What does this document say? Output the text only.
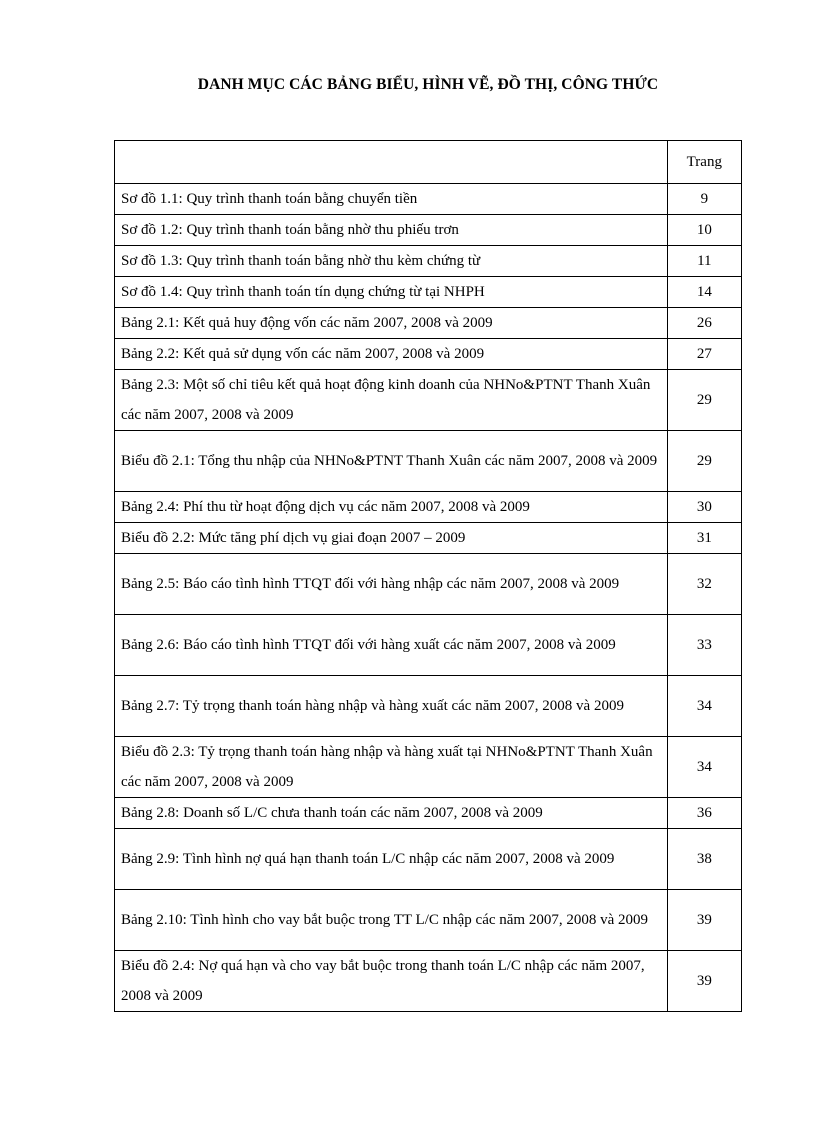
DANH MỤC CÁC BẢNG BIỂU, HÌNH VẼ, ĐỒ THỊ, CÔNG THỨC
	Trang
Sơ đồ 1.1: Quy trình thanh toán bằng chuyển tiền	9
Sơ đồ 1.2: Quy trình thanh toán bằng nhờ thu phiếu trơn	10
Sơ đồ 1.3: Quy trình thanh toán bằng nhờ thu kèm chứng từ	11
Sơ đồ 1.4: Quy trình thanh toán tín dụng chứng từ tại NHPH	14
Bảng 2.1: Kết quả huy động vốn các năm 2007, 2008 và 2009	26
Bảng 2.2: Kết quả sử dụng vốn các năm 2007, 2008 và 2009	27
Bảng 2.3: Một số chỉ tiêu kết quả hoạt động kinh doanh của NHNo&PTNT Thanh Xuân các năm 2007, 2008 và 2009	29
Biểu đồ 2.1: Tổng thu nhập của NHNo&PTNT Thanh Xuân các năm 2007, 2008 và 2009	29
Bảng 2.4: Phí thu từ hoạt động dịch vụ các năm 2007, 2008 và 2009	30
Biểu đồ 2.2: Mức tăng phí dịch vụ giai đoạn 2007 – 2009	31
Bảng 2.5: Báo cáo tình hình TTQT đối với hàng nhập các năm 2007, 2008 và 2009	32
Bảng 2.6: Báo cáo tình hình TTQT đối với hàng xuất các năm 2007, 2008 và 2009	33
Bảng 2.7: Tỷ trọng thanh toán hàng nhập và hàng xuất các năm 2007, 2008 và 2009	34
Biểu đồ 2.3: Tỷ trọng thanh toán hàng nhập và hàng xuất tại NHNo&PTNT Thanh Xuân các năm 2007, 2008 và 2009	34
Bảng 2.8: Doanh số L/C chưa thanh toán các năm 2007, 2008 và 2009	36
Bảng 2.9: Tình hình nợ quá hạn thanh toán L/C nhập các năm 2007, 2008 và 2009	38
Bảng 2.10: Tình hình cho vay bắt buộc trong TT L/C nhập các năm 2007, 2008 và 2009	39
Biểu đồ 2.4: Nợ quá hạn và cho vay bắt buộc trong thanh toán L/C nhập các năm 2007, 2008 và 2009	39
